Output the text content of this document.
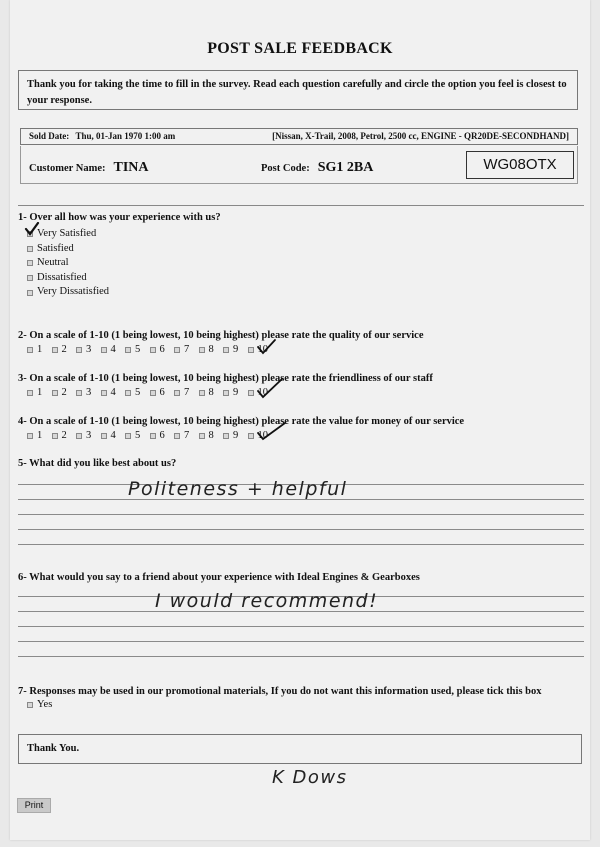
POST SALE FEEDBACK
Thank you for taking the time to fill in the survey. Read each question carefully and circle the option you feel is closest to your response.
Sold Date: Thu, 01-Jan 1970 1:00 am	[Nissan, X-Trail, 2008, Petrol, 2500 cc, ENGINE - QR20DE-SECONDHAND]
Customer Name: TINA	Post Code: SG1 2BA	WG08OTX
1- Over all how was your experience with us?
Very Satisfied
Satisfied
Neutral
Dissatisfied
Very Dissatisfied
2- On a scale of 1-10 (1 being lowest, 10 being highest) please rate the quality of our service
1 2 3 4 5 6 7 8 9 10
3- On a scale of 1-10 (1 being lowest, 10 being highest) please rate the friendliness of our staff
1 2 3 4 5 6 7 8 9 10
4- On a scale of 1-10 (1 being lowest, 10 being highest) please rate the value for money of our service
1 2 3 4 5 6 7 8 9 10
5- What did you like best about us?
Politeness + helpful
6- What would you say to a friend about your experience with Ideal Engines & Gearboxes
I would recommend!
7- Responses may be used in our promotional materials, If you do not want this information used, please tick this box
Yes
Thank You.
K Dows
Print
